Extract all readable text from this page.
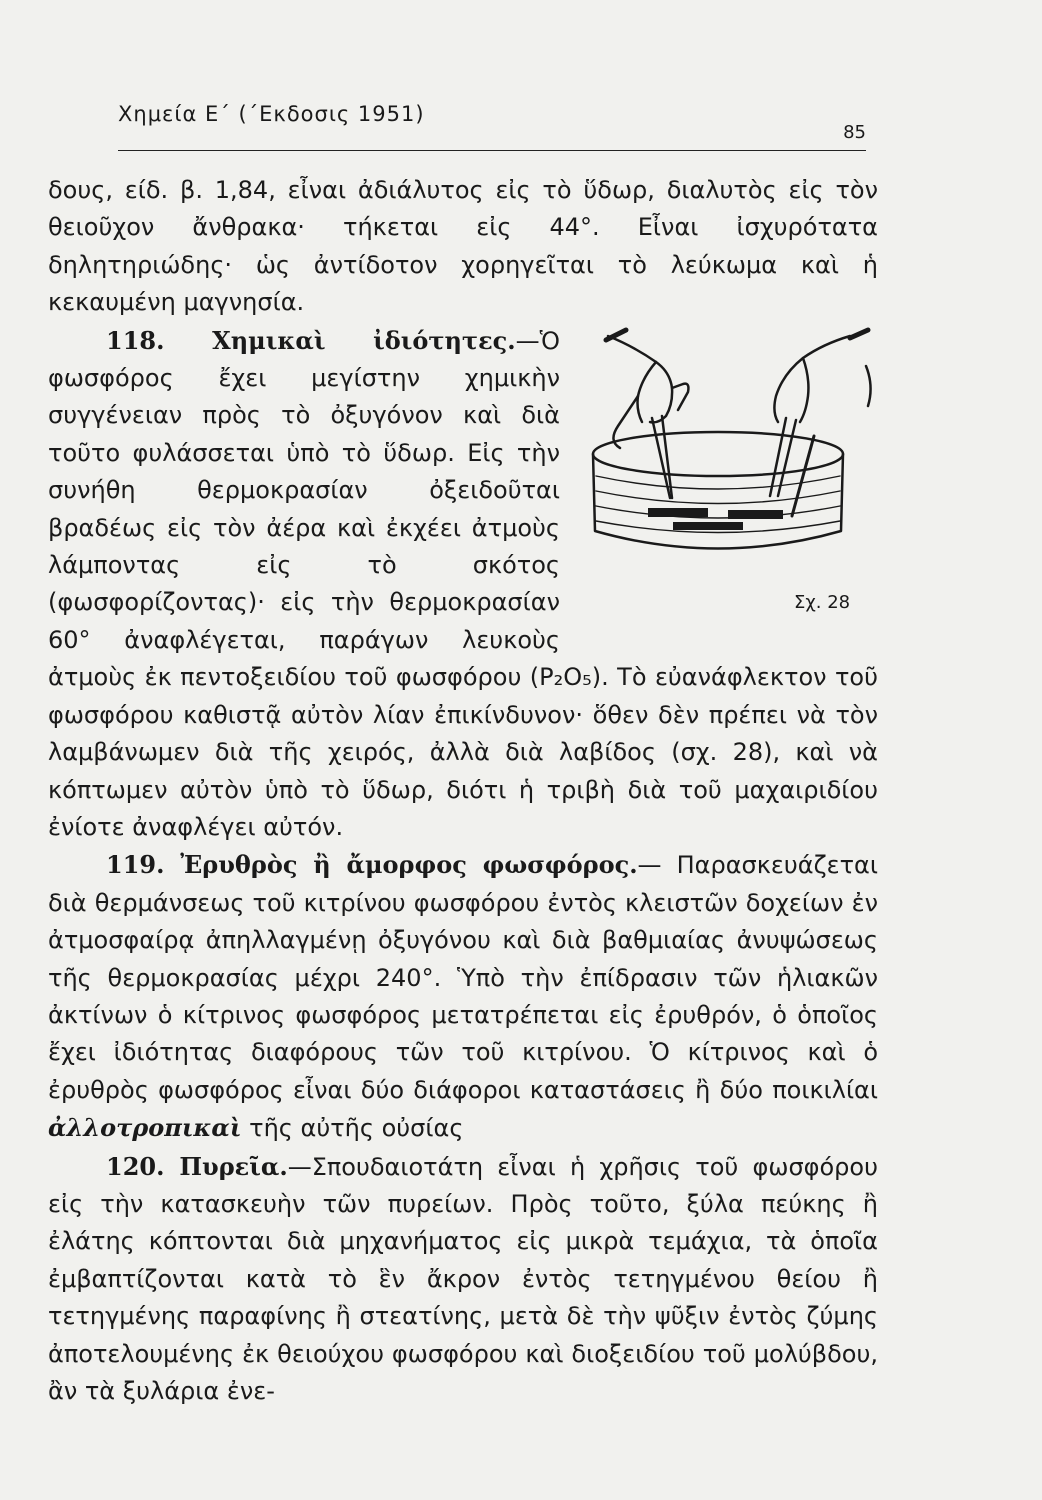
Χημεία Ε΄ (΄Εκδοσις 1951)
85

δους, είδ. β. 1,84, εἶναι ἀδιάλυτος εἰς τὸ ὕδωρ, διαλυτὸς εἰς τὸν θειοῦχον ἄνθρακα· τήκεται εἰς 44°. Εἶναι ἰσχυρότατα δηλητηριώδης· ὡς ἀντίδοτον χορηγεῖται τὸ λεύκωμα καὶ ἡ κεκαυμένη μαγνησία.

Σχ. 28
118. Χημικαὶ ἰδιότητες.—Ὁ φωσφόρος ἔχει μεγίστην χημικὴν συγγένειαν πρὸς τὸ ὀξυγόνον καὶ διὰ τοῦτο φυλάσσεται ὑπὸ τὸ ὕδωρ. Εἰς τὴν συνήθη θερμοκρασίαν ὀξειδοῦται βραδέως εἰς τὸν ἀέρα καὶ ἐκχέει ἀτμοὺς λάμποντας εἰς τὸ σκότος (φωσφορίζοντας)· εἰς τὴν θερμοκρασίαν 60° ἀναφλέγεται, παράγων λευκοὺς ἀτμοὺς ἐκ πεντοξειδίου τοῦ φωσφόρου (P₂O₅). Τὸ εὐανάφλεκτον τοῦ φωσφόρου καθιστᾷ αὐτὸν λίαν ἐπικίνδυνον· ὅθεν δὲν πρέπει νὰ τὸν λαμβάνωμεν διὰ τῆς χειρός, ἀλλὰ διὰ λαβίδος (σχ. 28), καὶ νὰ κόπτωμεν αὐτὸν ὑπὸ τὸ ὕδωρ, διότι ἡ τριβὴ διὰ τοῦ μαχαιριδίου ἐνίοτε ἀναφλέγει αὐτόν.

119. Ἐρυθρὸς ἢ ἄμορφος φωσφόρος.— Παρασκευάζεται διὰ θερμάνσεως τοῦ κιτρίνου φωσφόρου ἐντὸς κλειστῶν δοχείων ἐν ἀτμοσφαίρᾳ ἀπηλλαγμένῃ ὀξυγόνου καὶ διὰ βαθμιαίας ἀνυψώσεως τῆς θερμοκρασίας μέχρι 240°. Ὑπὸ τὴν ἐπίδρασιν τῶν ἡλιακῶν ἀκτίνων ὁ κίτρινος φωσφόρος μετατρέπεται εἰς ἐρυθρόν, ὁ ὁποῖος ἔχει ἰδιότητας διαφόρους τῶν τοῦ κιτρίνου. Ὁ κίτρινος καὶ ὁ ἐρυθρὸς φωσφόρος εἶναι δύο διάφοροι καταστάσεις ἢ δύο ποικιλίαι ἀλλοτροπικαὶ τῆς αὐτῆς οὐσίας

120. Πυρεῖα.—Σπουδαιοτάτη εἶναι ἡ χρῆσις τοῦ φωσφόρου εἰς τὴν κατασκευὴν τῶν πυρείων. Πρὸς τοῦτο, ξύλα πεύκης ἢ ἐλάτης κόπτονται διὰ μηχανήματος εἰς μικρὰ τεμάχια, τὰ ὁποῖα ἐμβαπτίζονται κατὰ τὸ ἓν ἄκρον ἐντὸς τετηγμένου θείου ἢ τετηγμένης παραφίνης ἢ στεατίνης, μετὰ δὲ τὴν ψῦξιν ἐντὸς ζύμης ἀποτελουμένης ἐκ θειούχου φωσφόρου καὶ διοξειδίου τοῦ μολύβδου, ἂν τὰ ξυλάρια ἐνε-
